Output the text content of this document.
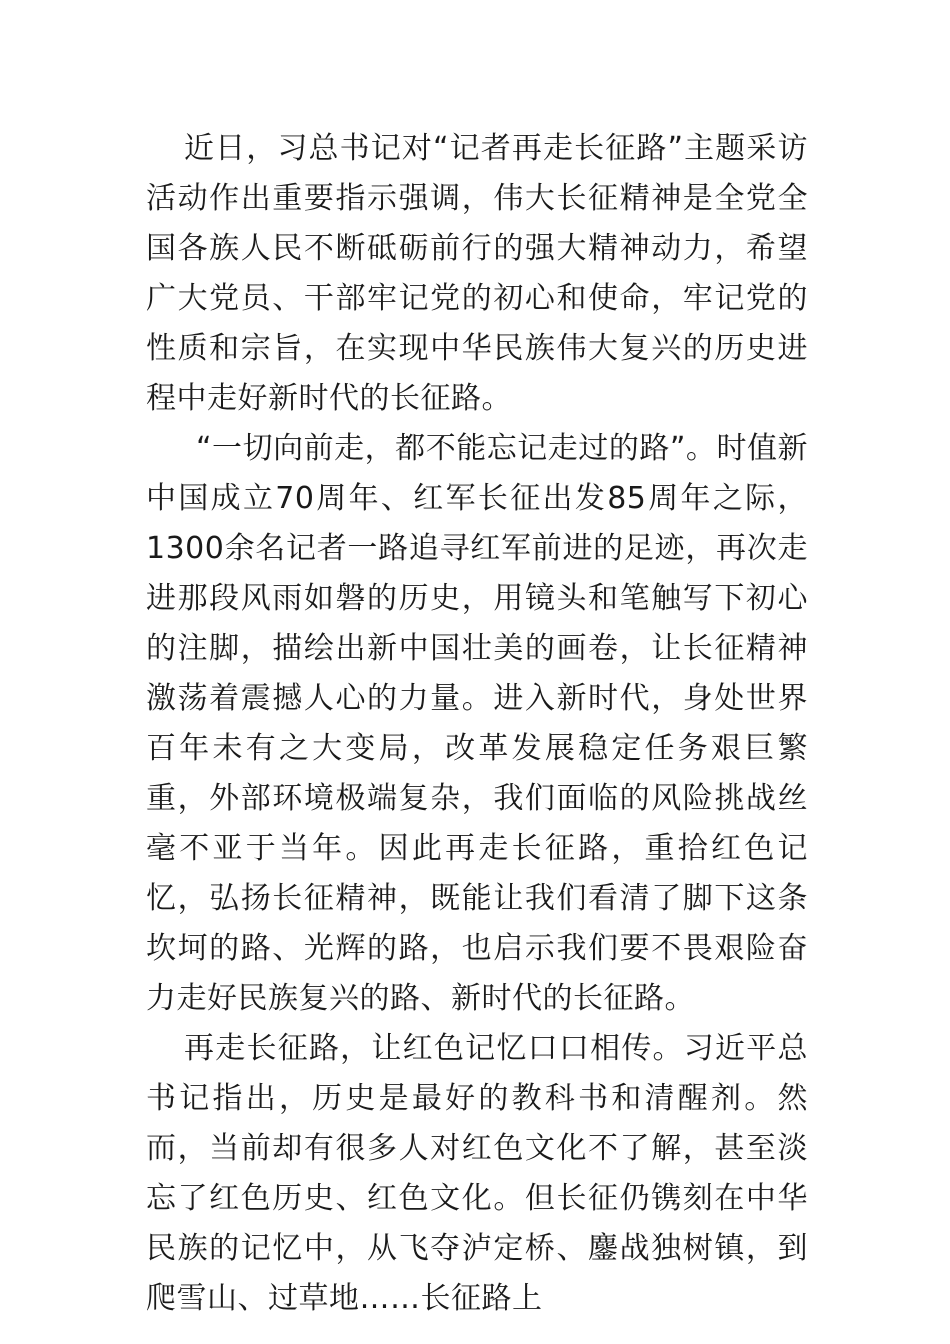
近日，习总书记对“记者再走长征路”主题采访活动作出重要指示强调，伟大长征精神是全党全国各族人民不断砥砺前行的强大精神动力，希望广大党员、干部牢记党的初心和使命，牢记党的性质和宗旨，在实现中华民族伟大复兴的历史进程中走好新时代的长征路。

“一切向前走，都不能忘记走过的路”。时值新中国成立70周年、红军长征出发85周年之际，1300余名记者一路追寻红军前进的足迹，再次走进那段风雨如磐的历史，用镜头和笔触写下初心的注脚，描绘出新中国壮美的画卷，让长征精神激荡着震撼人心的力量。进入新时代，身处世界百年未有之大变局，改革发展稳定任务艰巨繁重，外部环境极端复杂，我们面临的风险挑战丝毫不亚于当年。因此再走长征路，重拾红色记忆，弘扬长征精神，既能让我们看清了脚下这条坎坷的路、光辉的路，也启示我们要不畏艰险奋力走好民族复兴的路、新时代的长征路。

再走长征路，让红色记忆口口相传。习近平总书记指出，历史是最好的教科书和清醒剂。然而，当前却有很多人对红色文化不了解，甚至淡忘了红色历史、红色文化。但长征仍镌刻在中华民族的记忆中，从飞夺泸定桥、鏖战独树镇，到爬雪山、过草地……长征路上
